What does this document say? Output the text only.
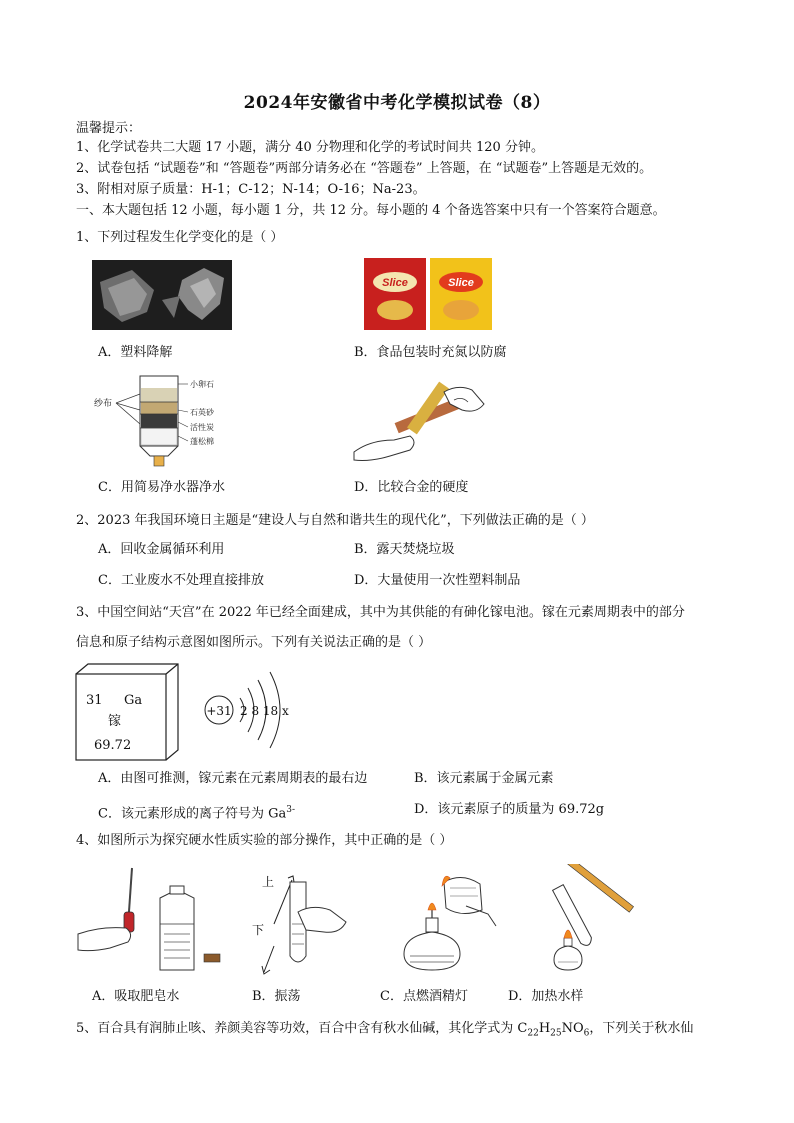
2024年安徽省中考化学模拟试卷（8）
温馨提示：
1、化学试卷共二大题 17 小题，满分 40 分物理和化学的考试时间共 120 分钟。
2、试卷包括 “试题卷”和 “答题卷”两部分请务必在 “答题卷” 上答题，在 “试题卷”上答题是无效的。
3、附相对原子质量：H-1；C-12；N-14；O-16；Na-23。
一、本大题包括 12 小题，每小题 1 分，共 12 分。每小题的 4 个备选答案中只有一个答案符合题意。
1、下列过程发生化学变化的是（ ）
A．塑料降解
Slice	Slice
B．食品包装时充氮以防腐
纱布
小卵石
石英砂
活性炭
蓬松棉
C．用简易净水器净水	D．比较合金的硬度
2、2023 年我国环境日主题是“建设人与自然和谐共生的现代化”，下列做法正确的是（ ）
A．回收金属循环利用	B．露天焚烧垃圾
C．工业废水不处理直接排放	D．大量使用一次性塑料制品
3、中国空间站“天宫”在 2022 年已经全面建成，其中为其供能的有砷化镓电池。镓在元素周期表中的部分
信息和原子结构示意图如图所示。下列有关说法正确的是（ ）
31 Ga
镓
69.72
+31 2 8 18 x
A．由图可推测，镓元素在元素周期表的最右边	B．该元素属于金属元素
C．该元素形成的离子符号为 $Ga^{3-}$	D．该元素原子的质量为 69.72g
4、如图所示为探究硬水性质实验的部分操作，其中正确的是（ ）
A．吸取肥皂水
上
下
B．振荡	C．点燃酒精灯	D．加热水样
5、百合具有润肺止咳、养颜美容等功效，百合中含有秋水仙碱，其化学式为 $C_{22}H_{25}NO_6$，下列关于秋水仙
